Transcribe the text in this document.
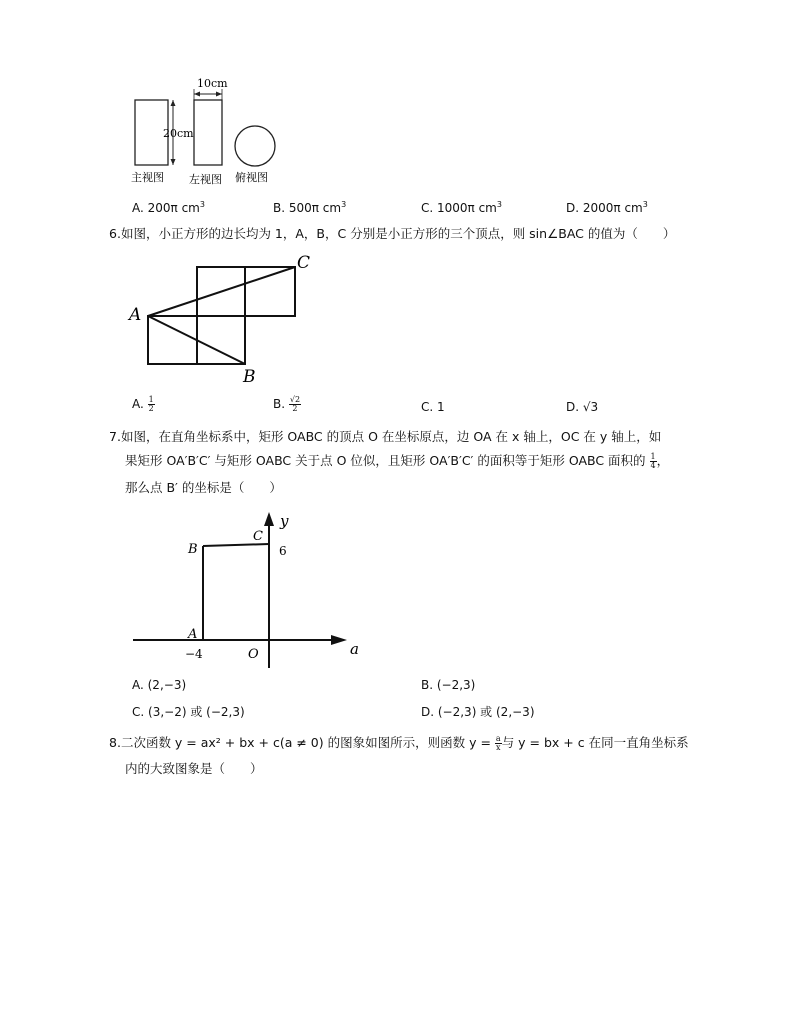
20cm
10cm
主视图 左视图 俯视图
A. 200π $cm^3$	B. 500π $cm^3$	C. 1000π $cm^3$	D. 2000π $cm^3$
6.如图，小正方形的边长均为 1，A，B，C 分别是小正方形的三个顶点，则 sin∠BAC 的值为（　　）
A
B
C
A. $\frac{1}{2}$	B. $\frac{√2}{2}$	C. 1	D. √3
7.如图，在直角坐标系中，矩形 OABC 的顶点 O 在坐标原点，边 OA 在 x 轴上，OC 在 y 轴上，如
果矩形 OA′B′C′ 与矩形 OABC 关于点 O 位似，且矩形 OA′B′C′ 的面积等于矩形 OABC 面积的 $\frac{1}{4}$ ，
那么点 B′ 的坐标是（　　）
y
a
B
C
A
O
6
−4
A. (2,−3)	B. (−2,3)
C. (3,−2) 或 (−2,3)	D. (−2,3) 或 (2,−3)
8.二次函数 y = ax² + bx + c(a ≠ 0) 的图象如图所示，则函数 $y = \frac{a}{x}$ 与 y = bx + c 在同一直角坐标系
内的大致图象是（　　）
